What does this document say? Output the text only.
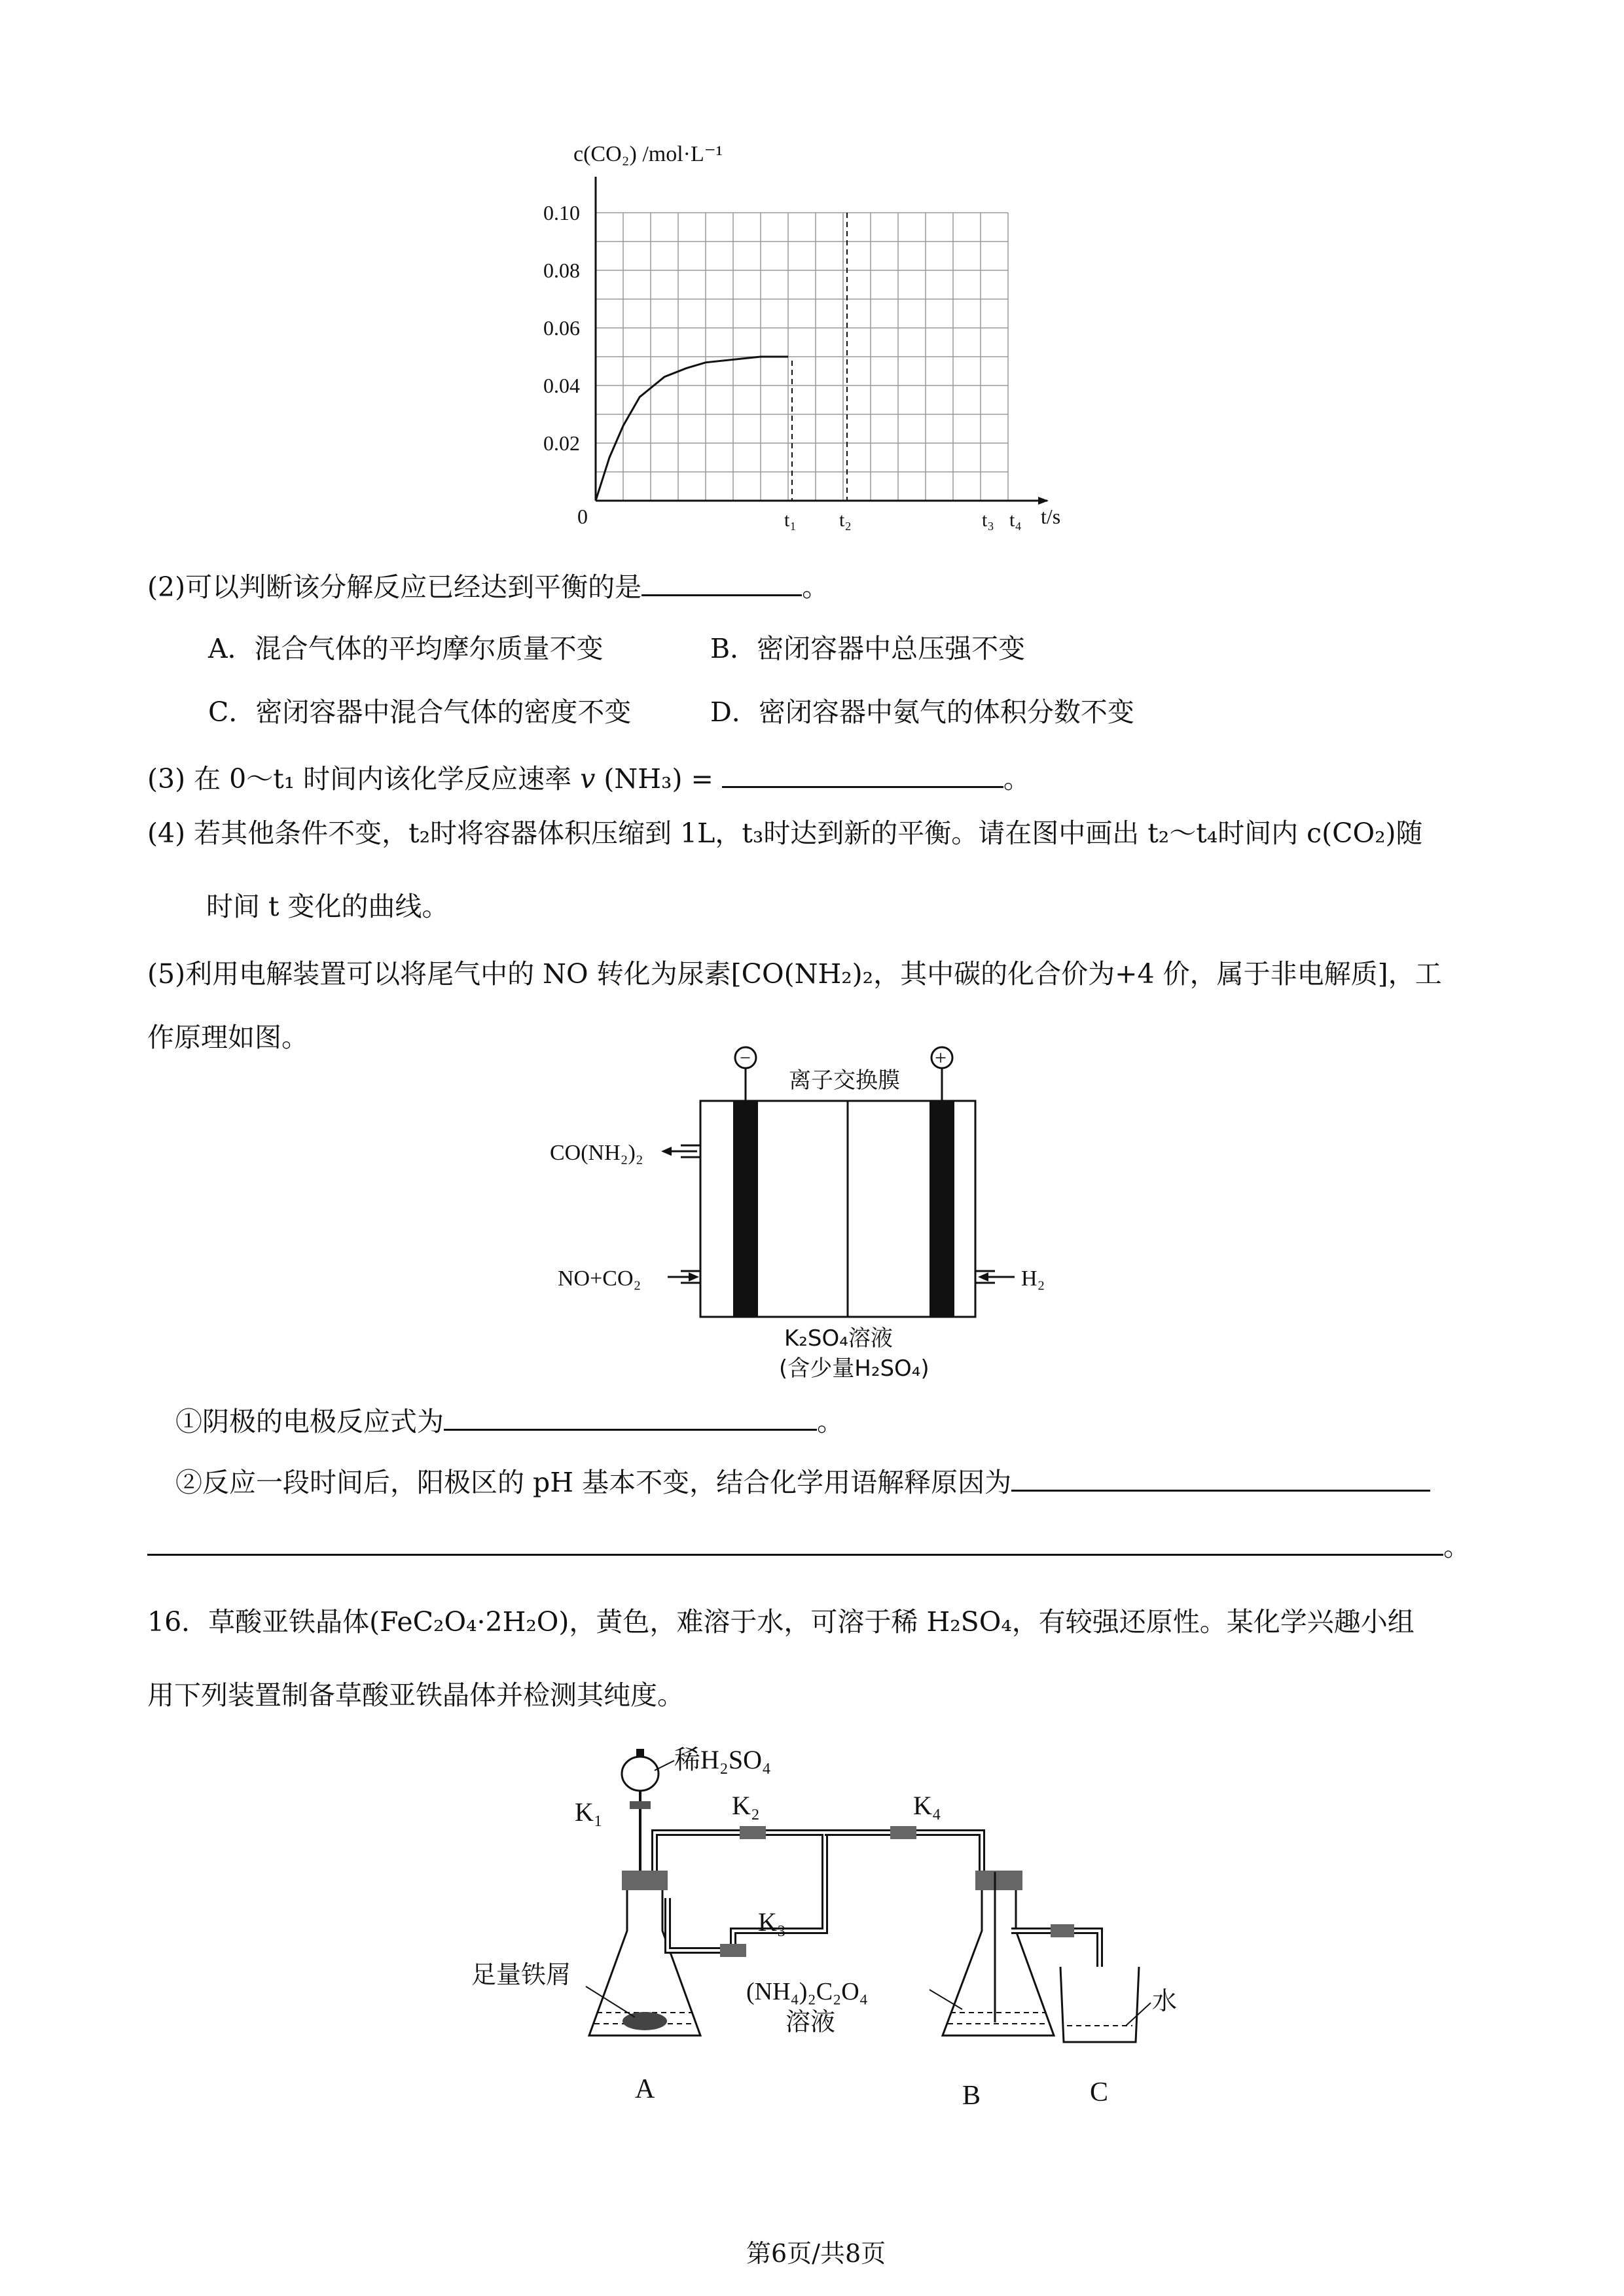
c(CO₂) /mol·L⁻¹
0.10
0.08
0.06
0.04
0.02
t₁ t₂	t₃ t₄
0	t/s
(2)可以判断该分解反应已经达到平衡的是	。
A．混合气体的平均摩尔质量不变	B．密闭容器中总压强不变
C．密闭容器中混合气体的密度不变	D．密闭容器中氨气的体积分数不变
(3) 在 0～t₁ 时间内该化学反应速率 v (NH₃) =	。
(4) 若其他条件不变，t₂时将容器体积压缩到 1L，t₃时达到新的平衡。请在图中画出 t₂～t₄时间内 c(CO₂)随
时间 t 变化的曲线。
(5)利用电解装置可以将尾气中的 NO 转化为尿素[CO(NH₂)₂，其中碳的化合价为+4 价，属于非电解质]，工
作原理如图。
−	+
离子交换膜
CO(NH₂)₂
NO+CO₂	H₂
K₂SO₄溶液
(含少量H₂SO₄)
①阴极的电极反应式为	。
②反应一段时间后，阳极区的 pH 基本不变，结合化学用语解释原因为
。
16．草酸亚铁晶体(FeC₂O₄·2H₂O)，黄色，难溶于水，可溶于稀 H₂SO₄，有较强还原性。某化学兴趣小组
用下列装置制备草酸亚铁晶体并检测其纯度。
稀H₂SO₄
K₁
足量铁屑
A
K₂	K₄
K₃
(NH₄)₂C₂O₄
溶液
B
水
C
第6页/共8页
